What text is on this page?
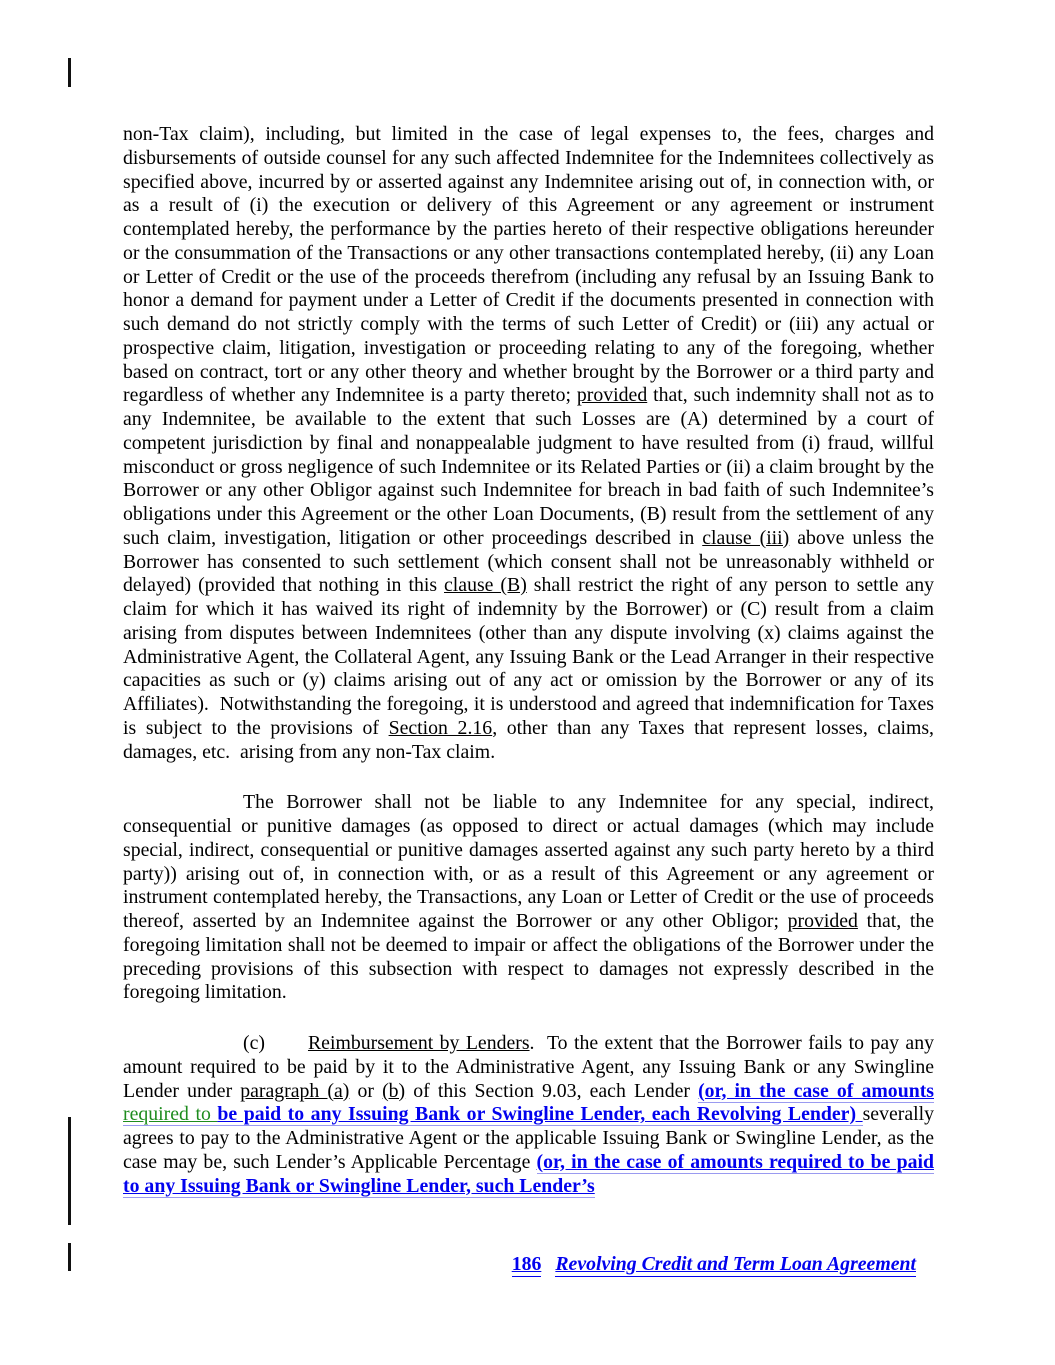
non-Tax claim), including, but limited in the case of legal expenses to, the fees, charges and disbursements of outside counsel for any such affected Indemnitee for the Indemnitees collectively as specified above, incurred by or asserted against any Indemnitee arising out of, in connection with, or as a result of (i) the execution or delivery of this Agreement or any agreement or instrument contemplated hereby, the performance by the parties hereto of their respective obligations hereunder or the consummation of the Transactions or any other transactions contemplated hereby, (ii) any Loan or Letter of Credit or the use of the proceeds therefrom (including any refusal by an Issuing Bank to honor a demand for payment under a Letter of Credit if the documents presented in connection with such demand do not strictly comply with the terms of such Letter of Credit) or (iii) any actual or prospective claim, litigation, investigation or proceeding relating to any of the foregoing, whether based on contract, tort or any other theory and whether brought by the Borrower or a third party and regardless of whether any Indemnitee is a party thereto; provided that, such indemnity shall not as to any Indemnitee, be available to the extent that such Losses are (A) determined by a court of competent jurisdiction by final and nonappealable judgment to have resulted from (i) fraud, willful misconduct or gross negligence of such Indemnitee or its Related Parties or (ii) a claim brought by the Borrower or any other Obligor against such Indemnitee for breach in bad faith of such Indemnitee’s obligations under this Agreement or the other Loan Documents, (B) result from the settlement of any such claim, investigation, litigation or other proceedings described in clause (iii) above unless the Borrower has consented to such settlement (which consent shall not be unreasonably withheld or delayed) (provided that nothing in this clause (B) shall restrict the right of any person to settle any claim for which it has waived its right of indemnity by the Borrower) or (C) result from a claim arising from disputes between Indemnitees (other than any dispute involving (x) claims against the Administrative Agent, the Collateral Agent, any Issuing Bank or the Lead Arranger in their respective capacities as such or (y) claims arising out of any act or omission by the Borrower or any of its Affiliates).  Notwithstanding the foregoing, it is understood and agreed that indemnification for Taxes is subject to the provisions of Section 2.16, other than any Taxes that represent losses, claims, damages, etc.  arising from any non-Tax claim.

The Borrower shall not be liable to any Indemnitee for any special, indirect, consequential or punitive damages (as opposed to direct or actual damages (which may include special, indirect, consequential or punitive damages asserted against any such party hereto by a third party)) arising out of, in connection with, or as a result of this Agreement or any agreement or instrument contemplated hereby, the Transactions, any Loan or Letter of Credit or the use of proceeds thereof, asserted by an Indemnitee against the Borrower or any other Obligor; provided that, the foregoing limitation shall not be deemed to impair or affect the obligations of the Borrower under the preceding provisions of this subsection with respect to damages not expressly described in the foregoing limitation.

(c) Reimbursement by Lenders.  To the extent that the Borrower fails to pay any amount required to be paid by it to the Administrative Agent, any Issuing Bank or any Swingline Lender under paragraph (a) or (b) of this Section 9.03, each Lender (or, in the case of amounts required to be paid to any Issuing Bank or Swingline Lender, each Revolving Lender) severally agrees to pay to the Administrative Agent or the applicable Issuing Bank or Swingline Lender, as the case may be, such Lender’s Applicable Percentage (or, in the case of amounts required to be paid to any Issuing Bank or Swingline Lender, such Lender’s

186 Revolving Credit and Term Loan Agreement
